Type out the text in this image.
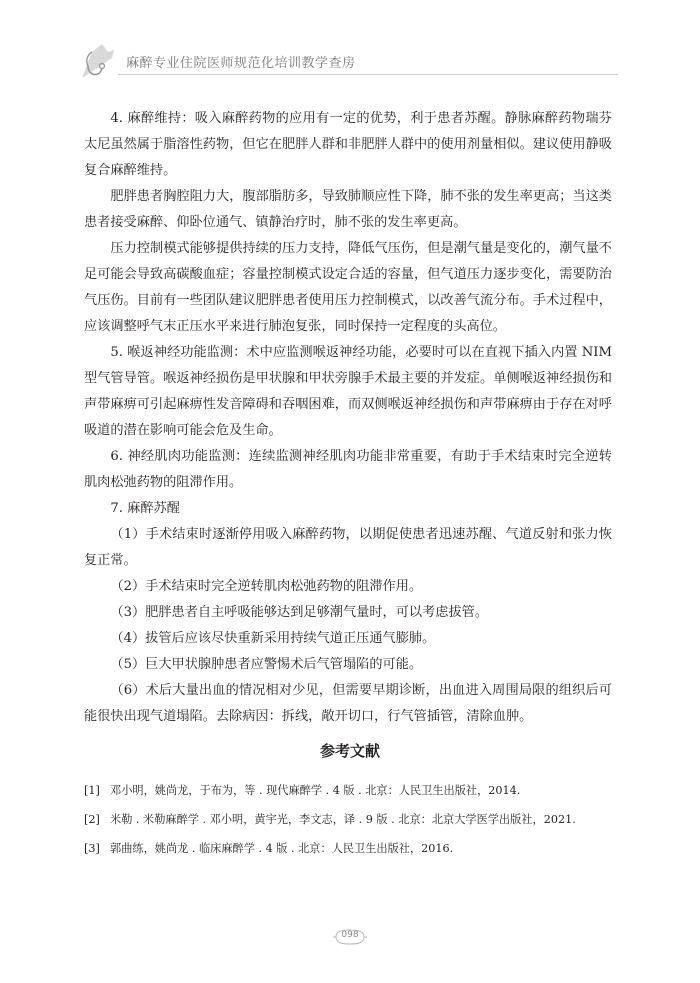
麻醉专业住院医师规范化培训教学查房

4. 麻醉维持：吸入麻醉药物的应用有一定的优势，利于患者苏醒。静脉麻醉药物瑞芬太尼虽然属于脂溶性药物，但它在肥胖人群和非肥胖人群中的使用剂量相似。建议使用静吸复合麻醉维持。

肥胖患者胸腔阻力大，腹部脂肪多，导致肺顺应性下降，肺不张的发生率更高；当这类患者接受麻醉、仰卧位通气、镇静治疗时，肺不张的发生率更高。

压力控制模式能够提供持续的压力支持，降低气压伤，但是潮气量是变化的，潮气量不足可能会导致高碳酸血症；容量控制模式设定合适的容量，但气道压力逐步变化，需要防治气压伤。目前有一些团队建议肥胖患者使用压力控制模式，以改善气流分布。手术过程中，应该调整呼气末正压水平来进行肺泡复张，同时保持一定程度的头高位。

5. 喉返神经功能监测：术中应监测喉返神经功能，必要时可以在直视下插入内置 NIM 型气管导管。喉返神经损伤是甲状腺和甲状旁腺手术最主要的并发症。单侧喉返神经损伤和声带麻痹可引起麻痹性发音障碍和吞咽困难，而双侧喉返神经损伤和声带麻痹由于存在对呼吸道的潜在影响可能会危及生命。

6. 神经肌肉功能监测：连续监测神经肌肉功能非常重要，有助于手术结束时完全逆转肌肉松弛药物的阻滞作用。

7. 麻醉苏醒

（1）手术结束时逐渐停用吸入麻醉药物，以期促使患者迅速苏醒、气道反射和张力恢复正常。

（2）手术结束时完全逆转肌肉松弛药物的阻滞作用。

（3）肥胖患者自主呼吸能够达到足够潮气量时，可以考虑拔管。

（4）拔管后应该尽快重新采用持续气道正压通气膨肺。

（5）巨大甲状腺肿患者应警惕术后气管塌陷的可能。

（6）术后大量出血的情况相对少见，但需要早期诊断，出血进入周围局限的组织后可能很快出现气道塌陷。去除病因：拆线，敞开切口，行气管插管，清除血肿。

参考文献
[1] 邓小明，姚尚龙，于布为，等 . 现代麻醉学 . 4 版 . 北京：人民卫生出版社，2014.
[2] 米勒 . 米勒麻醉学 . 邓小明，黄宇光，李文志，译 . 9 版 . 北京：北京大学医学出版社，2021.
[3] 郭曲练，姚尚龙 . 临床麻醉学 . 4 版 . 北京：人民卫生出版社，2016.
098
